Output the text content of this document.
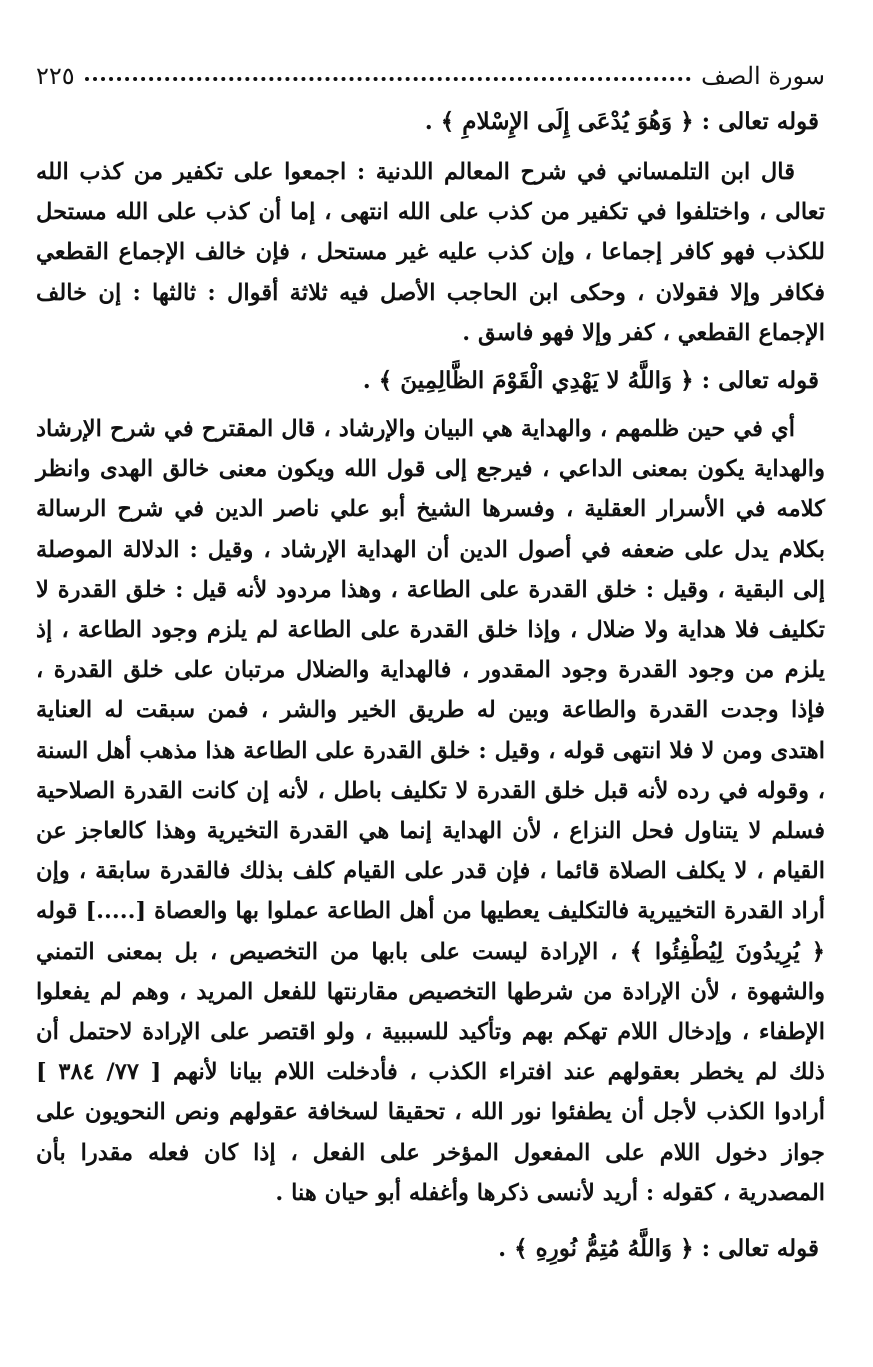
سورة الصف
٢٢٥

قوله تعالى : ﴿ وَهُوَ يُدْعَى إِلَى الإِسْلامِ ﴾ .

قال ابن التلمساني في شرح المعالم اللدنية : اجمعوا على تكفير من كذب الله تعالى ، واختلفوا في تكفير من كذب على الله انتهى ، إما أن كذب على الله مستحل للكذب فهو كافر إجماعا ، وإن كذب عليه غير مستحل ، فإن خالف الإجماع القطعي فكافر وإلا فقولان ، وحكى ابن الحاجب الأصل فيه ثلاثة أقوال : ثالثها : إن خالف الإجماع القطعي ، كفر وإلا فهو فاسق .

قوله تعالى : ﴿ وَاللَّهُ لا يَهْدِي الْقَوْمَ الظَّالِمِينَ ﴾ .

أي في حين ظلمهم ، والهداية هي البيان والإرشاد ، قال المقترح في شرح الإرشاد والهداية يكون بمعنى الداعي ، فيرجع إلى قول الله ويكون معنى خالق الهدى وانظر كلامه في الأسرار العقلية ، وفسرها الشيخ أبو علي ناصر الدين في شرح الرسالة بكلام يدل على ضعفه في أصول الدين أن الهداية الإرشاد ، وقيل : الدلالة الموصلة إلى البقية ، وقيل : خلق القدرة على الطاعة ، وهذا مردود لأنه قيل : خلق القدرة لا تكليف فلا هداية ولا ضلال ، وإذا خلق القدرة على الطاعة لم يلزم وجود الطاعة ، إذ يلزم من وجود القدرة وجود المقدور ، فالهداية والضلال مرتبان على خلق القدرة ، فإذا وجدت القدرة والطاعة وبين له طريق الخير والشر ، فمن سبقت له العناية اهتدى ومن لا فلا انتهى قوله ، وقيل : خلق القدرة على الطاعة هذا مذهب أهل السنة ، وقوله في رده لأنه قبل خلق القدرة لا تكليف باطل ، لأنه إن كانت القدرة الصلاحية فسلم لا يتناول فحل النزاع ، لأن الهداية إنما هي القدرة التخيرية وهذا كالعاجز عن القيام ، لا يكلف الصلاة قائما ، فإن قدر على القيام كلف بذلك فالقدرة سابقة ، وإن أراد القدرة التخييرية فالتكليف يعطيها من أهل الطاعة عملوا بها والعصاة [.....] قوله ﴿ يُرِيدُونَ لِيُطْفِئُوا ﴾ ، الإرادة ليست على بابها من التخصيص ، بل بمعنى التمني والشهوة ، لأن الإرادة من شرطها التخصيص مقارنتها للفعل المريد ، وهم لم يفعلوا الإطفاء ، وإدخال اللام تهكم بهم وتأكيد للسببية ، ولو اقتصر على الإرادة لاحتمل أن ذلك لم يخطر بعقولهم عند افتراء الكذب ، فأدخلت اللام بيانا لأنهم [ ٧٧/ ٣٨٤ ] أرادوا الكذب لأجل أن يطفئوا نور الله ، تحقيقا لسخافة عقولهم ونص النحويون على جواز دخول اللام على المفعول المؤخر على الفعل ، إذا كان فعله مقدرا بأن المصدرية ، كقوله : أريد لأنسى ذكرها وأغفله أبو حيان هنا .

قوله تعالى : ﴿ وَاللَّهُ مُتِمُّ نُورِهِ ﴾ .
